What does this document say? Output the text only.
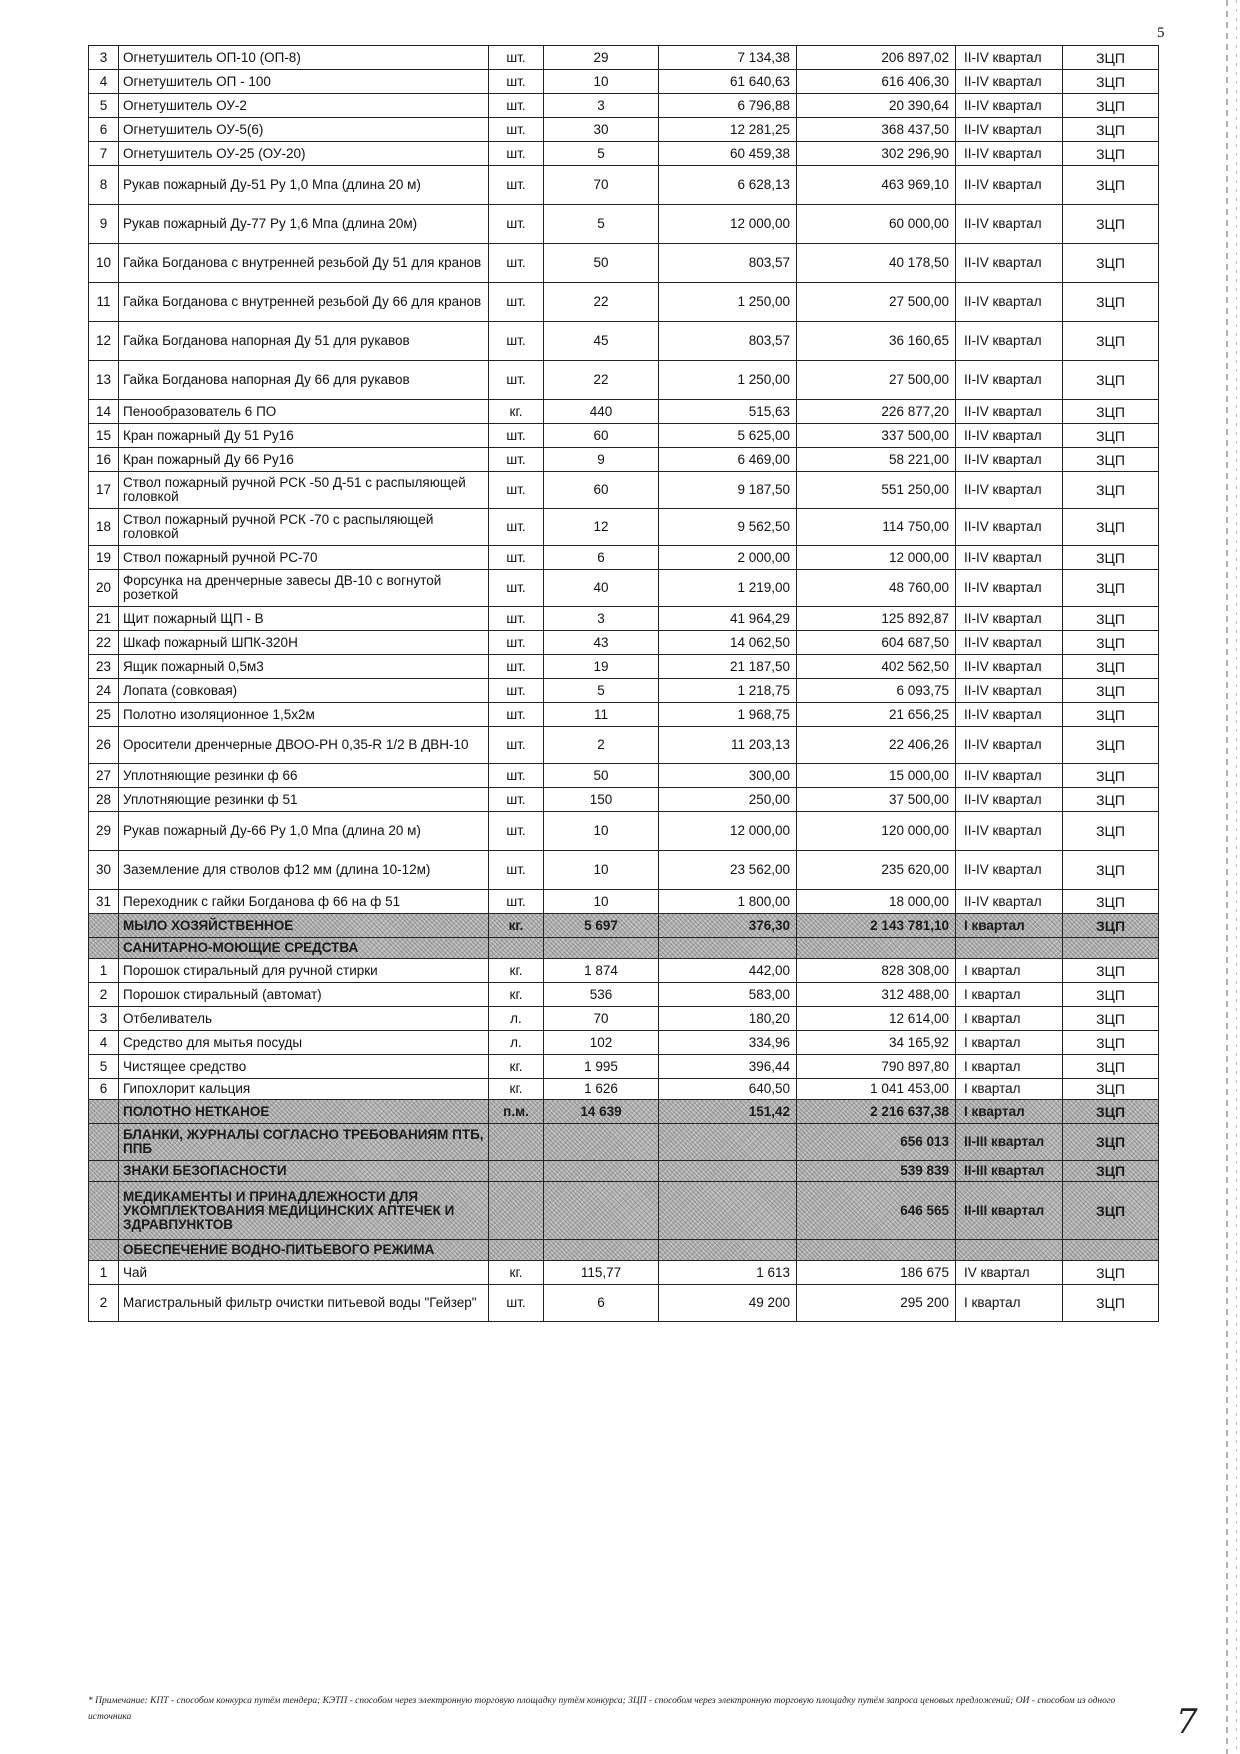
5
3	Огнетушитель ОП-10 (ОП-8)	шт.	29	7 134,38	206 897,02	II-IV квартал	ЗЦП
4	Огнетушитель ОП - 100	шт.	10	61 640,63	616 406,30	II-IV квартал	ЗЦП
5	Огнетушитель ОУ-2	шт.	3	6 796,88	20 390,64	II-IV квартал	ЗЦП
6	Огнетушитель ОУ-5(6)	шт.	30	12 281,25	368 437,50	II-IV квартал	ЗЦП
7	Огнетушитель ОУ-25 (ОУ-20)	шт.	5	60 459,38	302 296,90	II-IV квартал	ЗЦП
8	Рукав пожарный Ду-51 Ру 1,0 Мпа (длина 20 м)	шт.	70	6 628,13	463 969,10	II-IV квартал	ЗЦП
9	Рукав пожарный Ду-77 Ру 1,6 Мпа (длина 20м)	шт.	5	12 000,00	60 000,00	II-IV квартал	ЗЦП
10	Гайка Богданова с внутренней резьбой Ду 51 для кранов	шт.	50	803,57	40 178,50	II-IV квартал	ЗЦП
11	Гайка Богданова с внутренней резьбой Ду 66 для кранов	шт.	22	1 250,00	27 500,00	II-IV квартал	ЗЦП
12	Гайка Богданова напорная Ду 51 для рукавов	шт.	45	803,57	36 160,65	II-IV квартал	ЗЦП
13	Гайка Богданова напорная Ду 66 для рукавов	шт.	22	1 250,00	27 500,00	II-IV квартал	ЗЦП
14	Пенообразователь 6 ПО	кг.	440	515,63	226 877,20	II-IV квартал	ЗЦП
15	Кран пожарный Ду 51 Ру16	шт.	60	5 625,00	337 500,00	II-IV квартал	ЗЦП
16	Кран пожарный Ду 66 Ру16	шт.	9	6 469,00	58 221,00	II-IV квартал	ЗЦП
17	Ствол пожарный ручной РСК -50 Д-51 с распыляющей головкой	шт.	60	9 187,50	551 250,00	II-IV квартал	ЗЦП
18	Ствол пожарный ручной РСК -70 с распыляющей головкой	шт.	12	9 562,50	114 750,00	II-IV квартал	ЗЦП
19	Ствол пожарный ручной РС-70	шт.	6	2 000,00	12 000,00	II-IV квартал	ЗЦП
20	Форсунка на дренчерные завесы ДВ-10 с вогнутой розеткой	шт.	40	1 219,00	48 760,00	II-IV квартал	ЗЦП
21	Щит пожарный ЩП - В	шт.	3	41 964,29	125 892,87	II-IV квартал	ЗЦП
22	Шкаф пожарный ШПК-320Н	шт.	43	14 062,50	604 687,50	II-IV квартал	ЗЦП
23	Ящик пожарный 0,5м3	шт.	19	21 187,50	402 562,50	II-IV квартал	ЗЦП
24	Лопата (совковая)	шт.	5	1 218,75	6 093,75	II-IV квартал	ЗЦП
25	Полотно изоляционное 1,5х2м	шт.	11	1 968,75	21 656,25	II-IV квартал	ЗЦП
26	Оросители дренчерные ДВОО-РН 0,35-R 1/2 В ДВН-10	шт.	2	11 203,13	22 406,26	II-IV квартал	ЗЦП
27	Уплотняющие резинки ф 66	шт.	50	300,00	15 000,00	II-IV квартал	ЗЦП
28	Уплотняющие резинки ф 51	шт.	150	250,00	37 500,00	II-IV квартал	ЗЦП
29	Рукав пожарный Ду-66 Ру 1,0 Мпа (длина 20 м)	шт.	10	12 000,00	120 000,00	II-IV квартал	ЗЦП
30	Заземление для стволов ф12 мм (длина 10-12м)	шт.	10	23 562,00	235 620,00	II-IV квартал	ЗЦП
31	Переходник с гайки Богданова ф 66 на ф 51	шт.	10	1 800,00	18 000,00	II-IV квартал	ЗЦП
	МЫЛО ХОЗЯЙСТВЕННОЕ	кг.	5 697	376,30	2 143 781,10	I квартал	ЗЦП
	САНИТАРНО-МОЮЩИЕ СРЕДСТВА						
1	Порошок стиральный для ручной стирки	кг.	1 874	442,00	828 308,00	I квартал	ЗЦП
2	Порошок стиральный (автомат)	кг.	536	583,00	312 488,00	I квартал	ЗЦП
3	Отбеливатель	л.	70	180,20	12 614,00	I квартал	ЗЦП
4	Средство для мытья посуды	л.	102	334,96	34 165,92	I квартал	ЗЦП
5	Чистящее средство	кг.	1 995	396,44	790 897,80	I квартал	ЗЦП
6	Гипохлорит кальция	кг.	1 626	640,50	1 041 453,00	I квартал	ЗЦП
	ПОЛОТНО НЕТКАНОЕ	п.м.	14 639	151,42	2 216 637,38	I квартал	ЗЦП
	БЛАНКИ, ЖУРНАЛЫ СОГЛАСНО ТРЕБОВАНИЯМ ПТБ, ППБ				656 013	II-III квартал	ЗЦП
	ЗНАКИ БЕЗОПАСНОСТИ				539 839	II-III квартал	ЗЦП
	МЕДИКАМЕНТЫ И ПРИНАДЛЕЖНОСТИ ДЛЯ УКОМПЛЕКТОВАНИЯ МЕДИЦИНСКИХ АПТЕЧЕК И ЗДРАВПУНКТОВ				646 565	II-III квартал	ЗЦП
	ОБЕСПЕЧЕНИЕ ВОДНО-ПИТЬЕВОГО РЕЖИМА						
1	Чай	кг.	115,77	1 613	186 675	IV квартал	ЗЦП
2	Магистральный фильтр очистки питьевой воды "Гейзер"	шт.	6	49 200	295 200	I квартал	ЗЦП
* Примечание: КПТ - способом конкурса путём тендера; КЭТП - способом через электронную торговую площадку путём конкурса; ЗЦП - способом через электронную торговую площадку путём запроса ценовых предложений; ОИ - способом из одного источника	7
